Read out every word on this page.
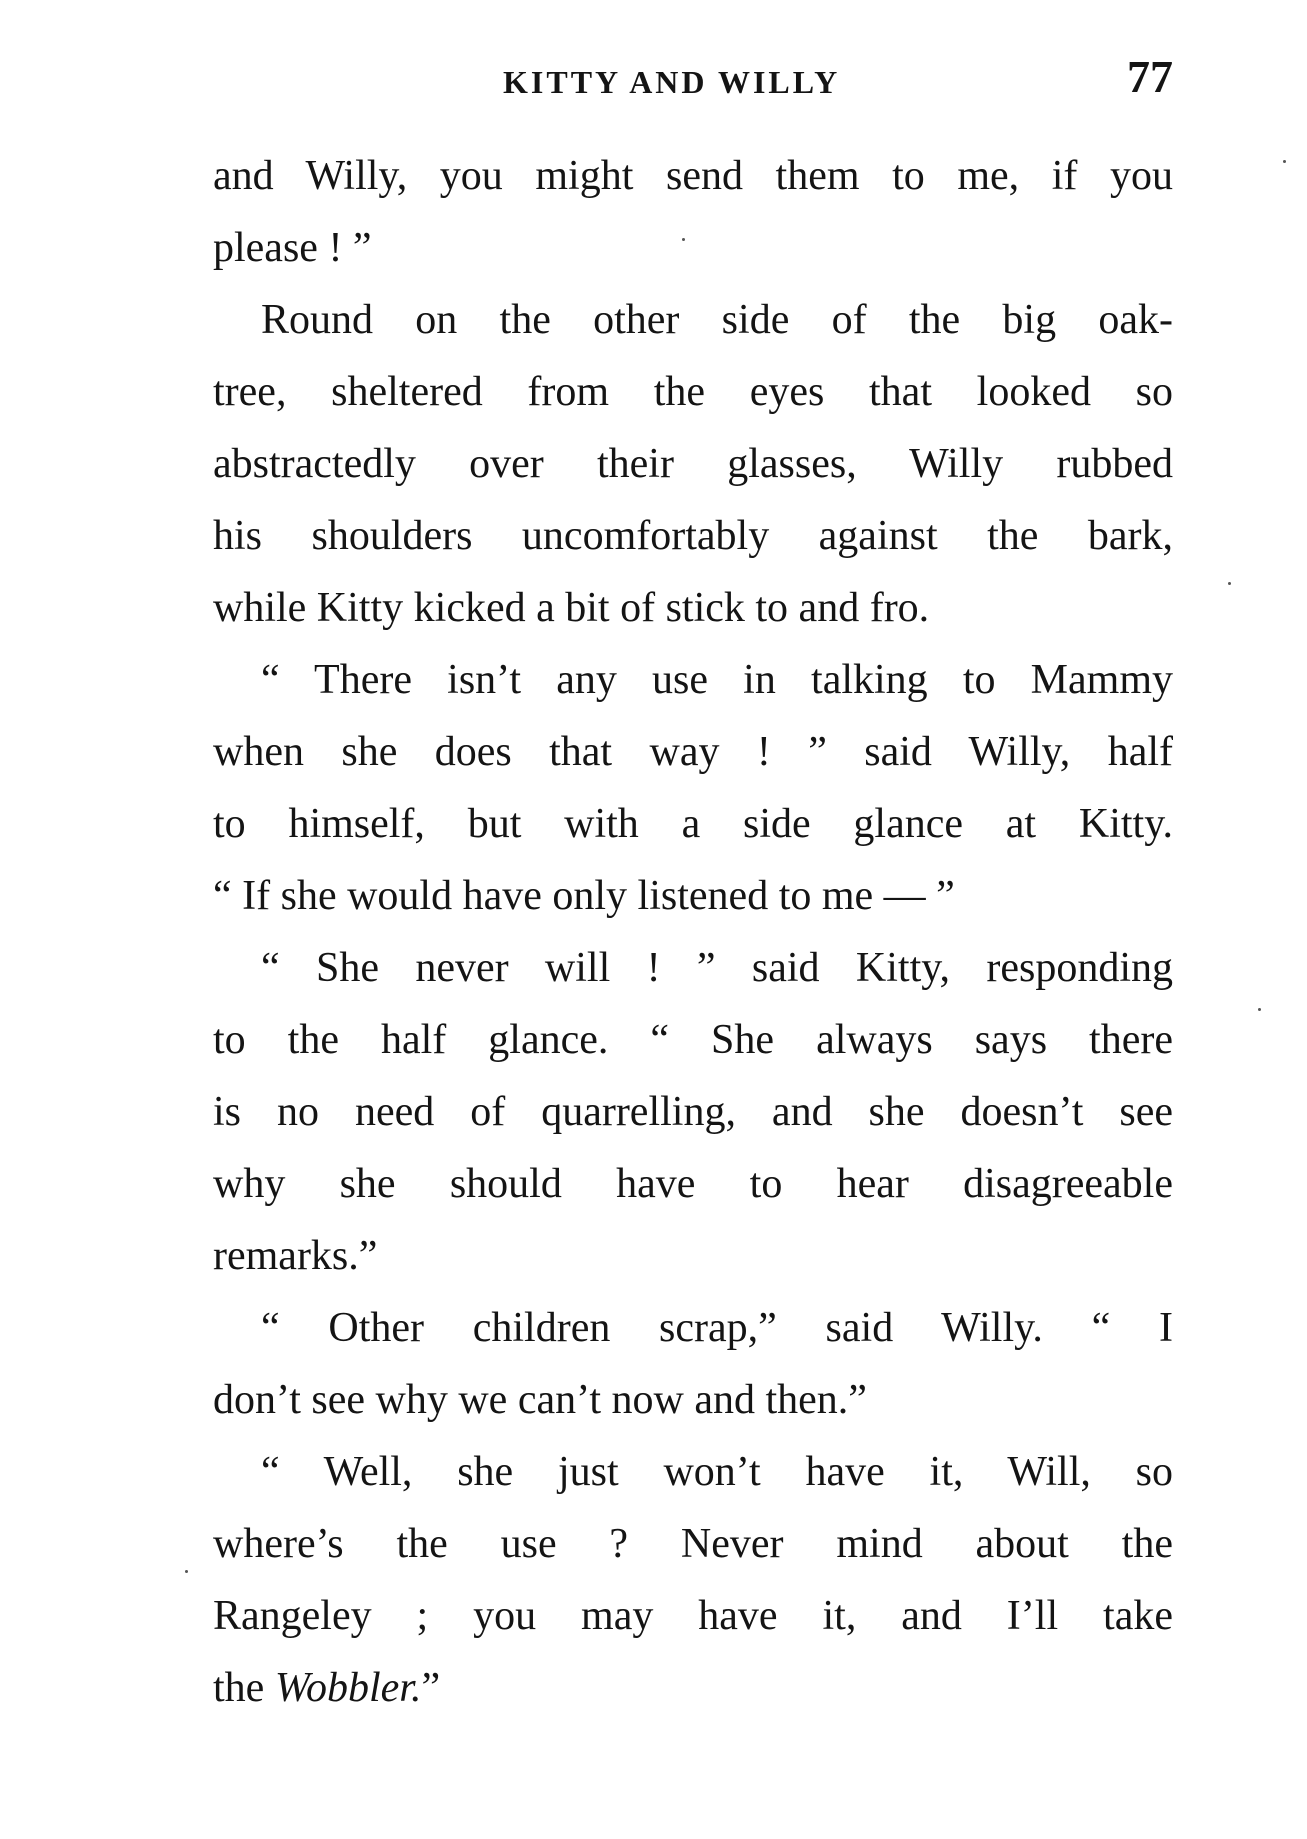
KITTY AND WILLY	77
and Willy, you might send them to me, if you
please ! ”
Round on the other side of the big oak-
tree, sheltered from the eyes that looked so
abstractedly over their glasses, Willy rubbed
his shoulders uncomfortably against the bark,
while Kitty kicked a bit of stick to and fro.
“ There isn’t any use in talking to Mammy
when she does that way ! ” said Willy, half
to himself, but with a side glance at Kitty.
“ If she would have only listened to me — ”
“ She never will ! ” said Kitty, responding
to the half glance. “ She always says there
is no need of quarrelling, and she doesn’t see
why she should have to hear disagreeable
remarks.”
“ Other children scrap,” said Willy. “ I
don’t see why we can’t now and then.”
“ Well, she just won’t have it, Will, so
where’s the use ? Never mind about the
Rangeley ; you may have it, and I’ll take
the Wobbler.”
